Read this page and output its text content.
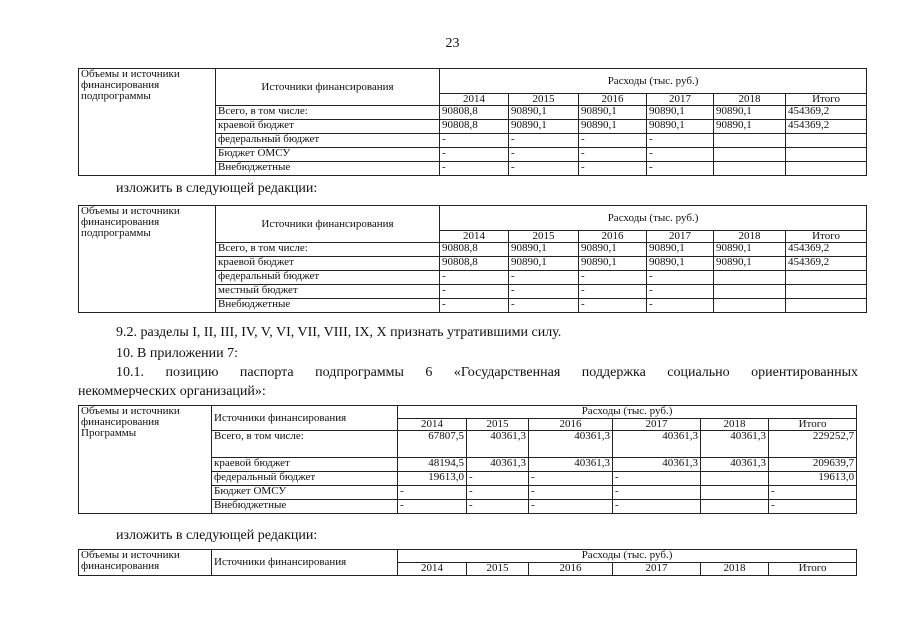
23
Объемы и источники финансирования подпрограммы	Источники финансирования	Расходы (тыс. руб.)					
		2014	2015	2016	2017	2018	Итого
	Всего, в том числе:	90808,8	90890,1	90890,1	90890,1	90890,1	454369,2
	краевой бюджет	90808,8	90890,1	90890,1	90890,1	90890,1	454369,2
	федеральный бюджет	-	-	-	-		
	Бюджет ОМСУ	-	-	-	-		
	Внебюджетные	-	-	-	-		
изложить в следующей редакции:
Объемы и источники финансирования подпрограммы	Источники финансирования	Расходы (тыс. руб.)					
		2014	2015	2016	2017	2018	Итого
	Всего, в том числе:	90808,8	90890,1	90890,1	90890,1	90890,1	454369,2
	краевой бюджет	90808,8	90890,1	90890,1	90890,1	90890,1	454369,2
	федеральный бюджет	-	-	-	-		
	местный бюджет	-	-	-	-		
	Внебюджетные	-	-	-	-		
9.2. разделы I, II, III, IV, V, VI, VII, VIII, IX, X признать утратившими силу.
10. В приложении 7:
10.1. позицию паспорта подпрограммы 6 «Государственная поддержка социально ориентированных
некоммерческих организаций»:
Объемы и источники финансирования Программы	Источники финансирования	Расходы (тыс. руб.)					
		2014	2015	2016	2017	2018	Итого
	Всего, в том числе:	67807,5	40361,3	40361,3	40361,3	40361,3	229252,7
	краевой бюджет	48194,5	40361,3	40361,3	40361,3	40361,3	209639,7
	федеральный бюджет	19613,0	-	-	-		19613,0
	Бюджет ОМСУ	-	-	-	-		-
	Внебюджетные	-	-	-	-		-
изложить в следующей редакции:
Объемы и источники финансирования	Источники финансирования	Расходы (тыс. руб.)					
		2014	2015	2016	2017	2018	Итого
